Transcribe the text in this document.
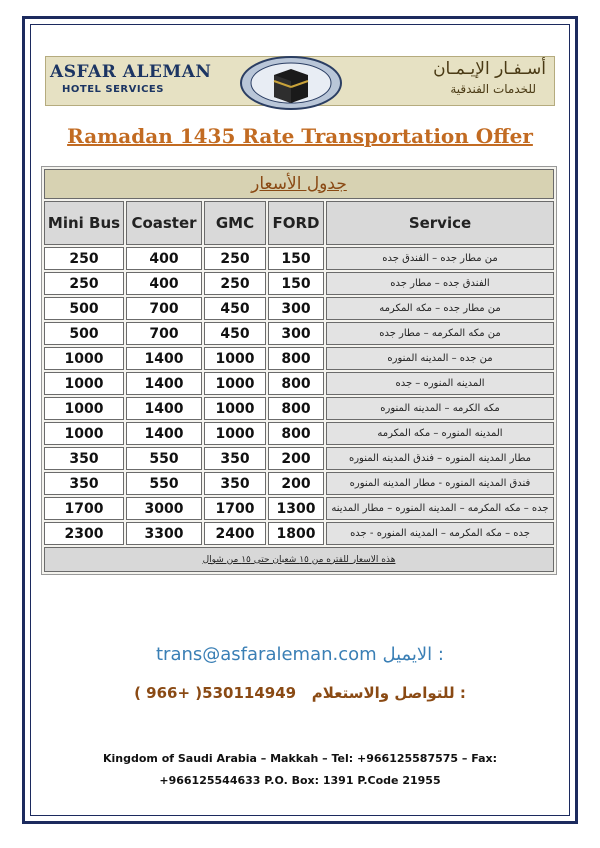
ASFAR ALEMAN
HOTEL SERVICES
أسـفـار الإيـمـان
للخدمات الفندقية
Ramadan 1435 Rate Transportation Offer
جدول الأسعار				
Mini Bus	Coaster	GMC	FORD	Service
250	400	250	150	من مطار جده – الفندق جده
250	400	250	150	الفندق جده – مطار جده
500	700	450	300	من مطار جده – مكه المكرمه
500	700	450	300	من مكه المكرمه – مطار جده
1000	1400	1000	800	من جده – المدينه المنوره
1000	1400	1000	800	المدينه المنوره – جده
1000	1400	1000	800	مكه الكرمه – المدينه المنوره
1000	1400	1000	800	المدينه المنوره – مكه المكرمه
350	550	350	200	مطار المدينه المنوره – فندق المدينه المنوره
350	550	350	200	فندق المدينه المنوره - مطار المدينه المنوره
1700	3000	1700	1300	جده – مكه المكرمه – المدينه المنوره – مطار المدينه
2300	3300	2400	1800	جده – مكه المكرمه – المدينه المنوره - جده
هذه الاسعار للفتره من ١٥ شعبان حتى ١٥ من شوال				
trans@asfaraleman.com الايميل :
( 966+ )530114949 للتواصل والاستعلام :
Kingdom of Saudi Arabia – Makkah – Tel: +966125587575 – Fax:
+966125544633 P.O. Box: 1391 P.Code 21955
